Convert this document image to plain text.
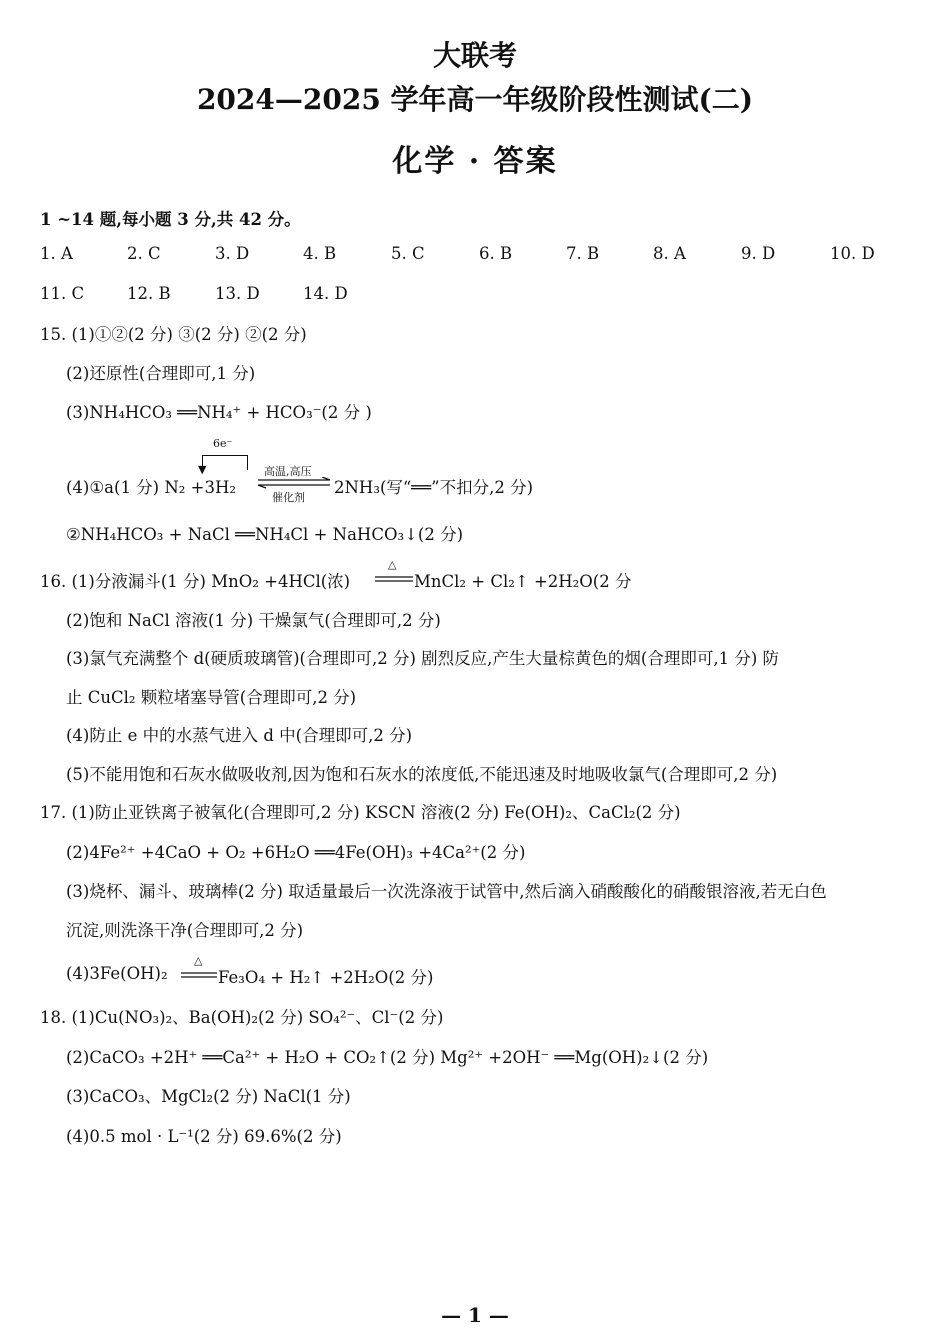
大联考
2024—2025 学年高一年级阶段性测试(二)
化学 · 答案
1 ~14 题,每小题 3 分,共 42 分。
1. A	2. C	3. D	4. B	5. C	6. B	7. B	8. A	9. D	10. D
11. C	12. B	13. D	14. D
15. (1)①②(2 分) ③(2 分) ②(2 分)
(2)还原性(合理即可,1 分)
(3)NH₄HCO₃ ══NH₄⁺ + HCO₃⁻(2 分 )
6e⁻
▼
(4)①a(1 分) N₂ +3H₂
高温,高压
催化剂
2NH₃(写“══”不扣分,2 分)
②NH₄HCO₃ + NaCl ══NH₄Cl + NaHCO₃↓(2 分)
16. (1)分液漏斗(1 分) MnO₂ +4HCl(浓)
△
MnCl₂ + Cl₂↑ +2H₂O(2 分
(2)饱和 NaCl 溶液(1 分) 干燥氯气(合理即可,2 分)
(3)氯气充满整个 d(硬质玻璃管)(合理即可,2 分) 剧烈反应,产生大量棕黄色的烟(合理即可,1 分) 防
止 CuCl₂ 颗粒堵塞导管(合理即可,2 分)
(4)防止 e 中的水蒸气进入 d 中(合理即可,2 分)
(5)不能用饱和石灰水做吸收剂,因为饱和石灰水的浓度低,不能迅速及时地吸收氯气(合理即可,2 分)
17. (1)防止亚铁离子被氧化(合理即可,2 分) KSCN 溶液(2 分) Fe(OH)₂、CaCl₂(2 分)
(2)4Fe²⁺ +4CaO + O₂ +6H₂O ══4Fe(OH)₃ +4Ca²⁺(2 分)
(3)烧杯、漏斗、玻璃棒(2 分) 取适量最后一次洗涤液于试管中,然后滴入硝酸酸化的硝酸银溶液,若无白色
沉淀,则洗涤干净(合理即可,2 分)
(4)3Fe(OH)₂
△
Fe₃O₄ + H₂↑ +2H₂O(2 分)
18. (1)Cu(NO₃)₂、Ba(OH)₂(2 分) SO₄²⁻、Cl⁻(2 分)
(2)CaCO₃ +2H⁺ ══Ca²⁺ + H₂O + CO₂↑(2 分) Mg²⁺ +2OH⁻ ══Mg(OH)₂↓(2 分)
(3)CaCO₃、MgCl₂(2 分) NaCl(1 分)
(4)0.5 mol · L⁻¹(2 分) 69.6%(2 分)
— 1 —
